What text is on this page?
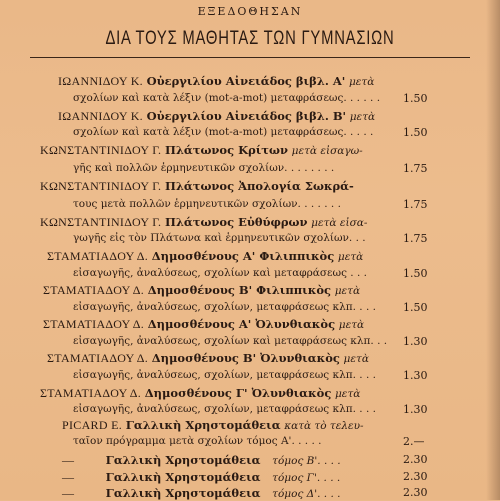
ΕΞΕΔΟΘΗΣΑΝ
ΔΙΑ ΤΟΥΣ ΜΑΘΗΤΑΣ ΤΩΝ ΓΥΜΝΑΣΙΩΝ
ΙΩΑΝΝΙΔΟΥ Κ. Οὐεργιλίου Αἰνειάδος βιβλ. Α' μετὰ
σχολίων καὶ κατὰ λέξιν (mot-a-mot) μεταφράσεως. . . . . . 1.50
ΙΩΑΝΝΙΔΟΥ Κ. Οὐεργιλίου Αἰνειάδος βιβλ. Β' μετὰ
σχολίων καὶ κατὰ λέξιν (mot-a-mot) μεταφράσεως. . . . .	1.50
ΚΩΝΣΤΑΝΤΙΝΙΔΟΥ Γ. Πλάτωνος Κρίτων μετὰ εἰσαγω-
γῆς καὶ πολλῶν ἑρμηνευτικῶν σχολίων. . . . . . . .	1.75
ΚΩΝΣΤΑΝΤΙΝΙΔΟΥ Γ. Πλάτωνος Ἀπολογία Σωκρά-
τους μετὰ πολλῶν ἑρμηνευτικῶν σχολίων. . . . . . .	1.75
ΚΩΝΣΤΑΝΤΙΝΙΔΟΥ Γ. Πλάτωνος Εὐθύφρων μετὰ εἰσα-
γωγῆς εἰς τὸν Πλάτωνα καὶ ἑρμηνευτικῶν σχολίων. . .	1.75
ΣΤΑΜΑΤΙΑΔΟΥ Δ. Δημοσθένους Α' Φιλιππικὸς μετὰ
εἰσαγωγῆς, ἀναλύσεως, σχολίων καὶ μεταφράσεως . . .	1.50
ΣΤΑΜΑΤΙΑΔΟΥ Δ. Δημοσθένους Β' Φιλιππικὸς μετὰ
εἰσαγωγῆς, ἀναλύσεως, σχολίων, μεταφράσεως κλπ. . . . 1.50
ΣΤΑΜΑΤΙΑΔΟΥ Δ. Δημοσθένους Α' Ὀλυνθιακὸς μετὰ
εἰσαγωγῆς, ἀναλύσεως, σχολίων καὶ μεταφράσεως κλπ. . . 1.30
ΣΤΑΜΑΤΙΑΔΟΥ Δ. Δημοσθένους Β' Ὀλυνθιακὸς μετὰ
εἰσαγωγῆς, ἀναλύσεως, σχολίων, μεταφράσεως κλπ. . . . 1.30
ΣΤΑΜΑΤΙΑΔΟΥ Δ. Δημοσθένους Γ' Ὀλυνθιακὸς μετὰ
εἰσαγωγῆς, ἀναλύσεως, σχολίων, μεταφράσεως κλπ. . . . 1.30
PICARD Ε. Γαλλικὴ Χρηστομάθεια κατὰ τὸ τελευ-
ταῖον πρόγραμμα μετὰ σχολίων τόμος Α'. . . . .	2.—
—	Γαλλικὴ Χρηστομάθεια τόμος Β'. . . .	2.30
—	Γαλλικὴ Χρηστομάθεια τόμος Γ'. . . .	2.30
—	Γαλλικὴ Χρηστομάθεια τόμος Δ'. . . .	2.30
